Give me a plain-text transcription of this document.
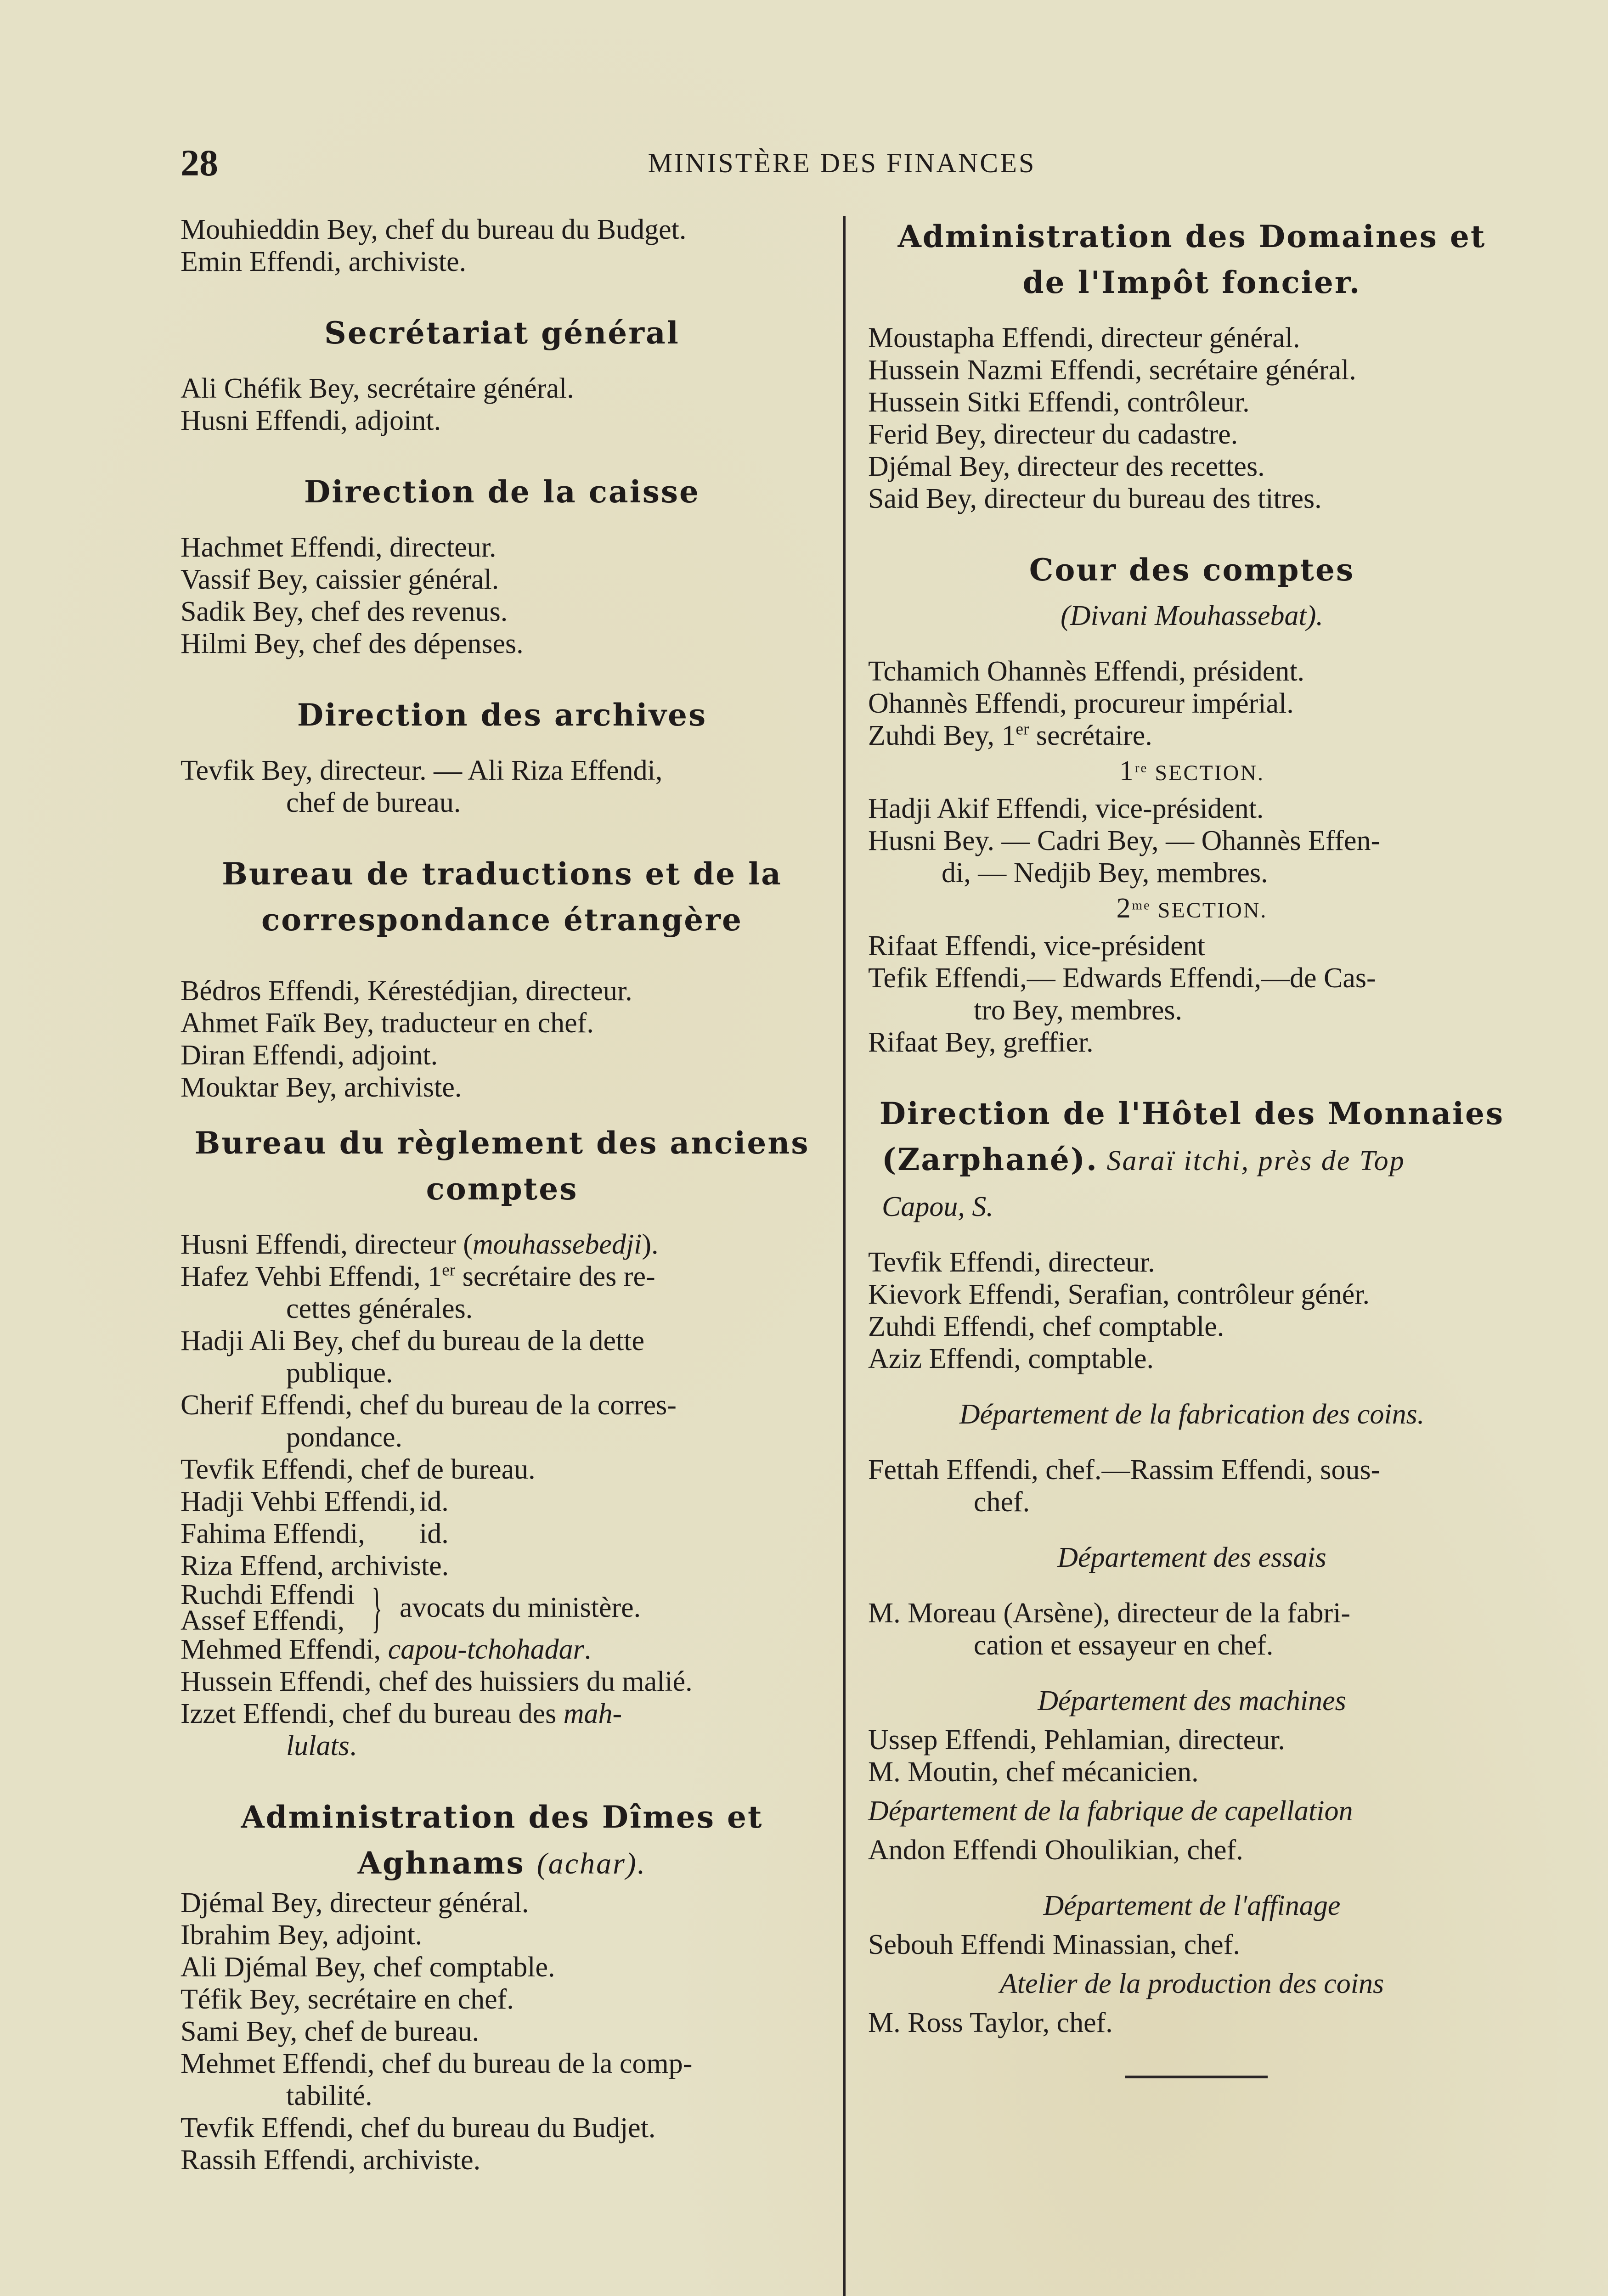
28	MINISTÈRE DES FINANCES
Mouhieddin Bey, chef du bureau du Budget.
Emin Effendi, archiviste.
Secrétariat général
Ali Chéfik Bey, secrétaire général.
Husni Effendi, adjoint.
Direction de la caisse
Hachmet Effendi, directeur.
Vassif Bey, caissier général.
Sadik Bey, chef des revenus.
Hilmi Bey, chef des dépenses.
Direction des archives
Tevfik Bey, directeur. — Ali Riza Effendi,
chef de bureau.
Bureau de traductions et de la
correspondance étrangère
Bédros Effendi, Kérestédjian, directeur.
Ahmet Faïk Bey, traducteur en chef.
Diran Effendi, adjoint.
Mouktar Bey, archiviste.
Bureau du règlement des anciens
comptes
Husni Effendi, directeur (mouhassebedji).
Hafez Vehbi Effendi, 1er secrétaire des re-
cettes générales.
Hadji Ali Bey, chef du bureau de la dette
publique.
Cherif Effendi, chef du bureau de la corres-
pondance.
Tevfik Effendi, chef de bureau.
Hadji Vehbi Effendi, id.
Fahima Effendi, id.
Riza Effend, archiviste.
Ruchdi Effendi
Assef Effendi, } avocats du ministère.
Mehmed Effendi, capou-tchohadar.
Hussein Effendi, chef des huissiers du malié.
Izzet Effendi, chef du bureau des mah-
lulats.
Administration des Dîmes et
Aghnams (achar).
Djémal Bey, directeur général.
Ibrahim Bey, adjoint.
Ali Djémal Bey, chef comptable.
Téfik Bey, secrétaire en chef.
Sami Bey, chef de bureau.
Mehmet Effendi, chef du bureau de la comp-
tabilité.
Tevfik Effendi, chef du bureau du Budjet.
Rassih Effendi, archiviste.
Administration des Domaines et
de l'Impôt foncier.
Moustapha Effendi, directeur général.
Hussein Nazmi Effendi, secrétaire général.
Hussein Sitki Effendi, contrôleur.
Ferid Bey, directeur du cadastre.
Djémal Bey, directeur des recettes.
Said Bey, directeur du bureau des titres.
Cour des comptes
(Divani Mouhassebat).
Tchamich Ohannès Effendi, président.
Ohannès Effendi, procureur impérial.
Zuhdi Bey, 1er secrétaire.
1re SECTION.
Hadji Akif Effendi, vice-président.
Husni Bey. — Cadri Bey, — Ohannès Effen-
di, — Nedjib Bey, membres.
$2^{me}$ SECTION.
Rifaat Effendi, vice-président
Tefik Effendi,— Edwards Effendi,—de Cas-
tro Bey, membres.
Rifaat Bey, greffier.
Direction de l'Hôtel des Monnaies
(Zarphané). Saraï itchi, près de Top
Capou, S.
Tevfik Effendi, directeur.
Kievork Effendi, Serafian, contrôleur génér.
Zuhdi Effendi, chef comptable.
Aziz Effendi, comptable.
Département de la fabrication des coins.
Fettah Effendi, chef.—Rassim Effendi, sous-
chef.
Département des essais
M. Moreau (Arsène), directeur de la fabri-
cation et essayeur en chef.
Département des machines
Ussep Effendi, Pehlamian, directeur.
M. Moutin, chef mécanicien.
Département de la fabrique de capellation
Andon Effendi Ohoulikian, chef.
Département de l'affinage
Sebouh Effendi Minassian, chef.
Atelier de la production des coins
M. Ross Taylor, chef.
